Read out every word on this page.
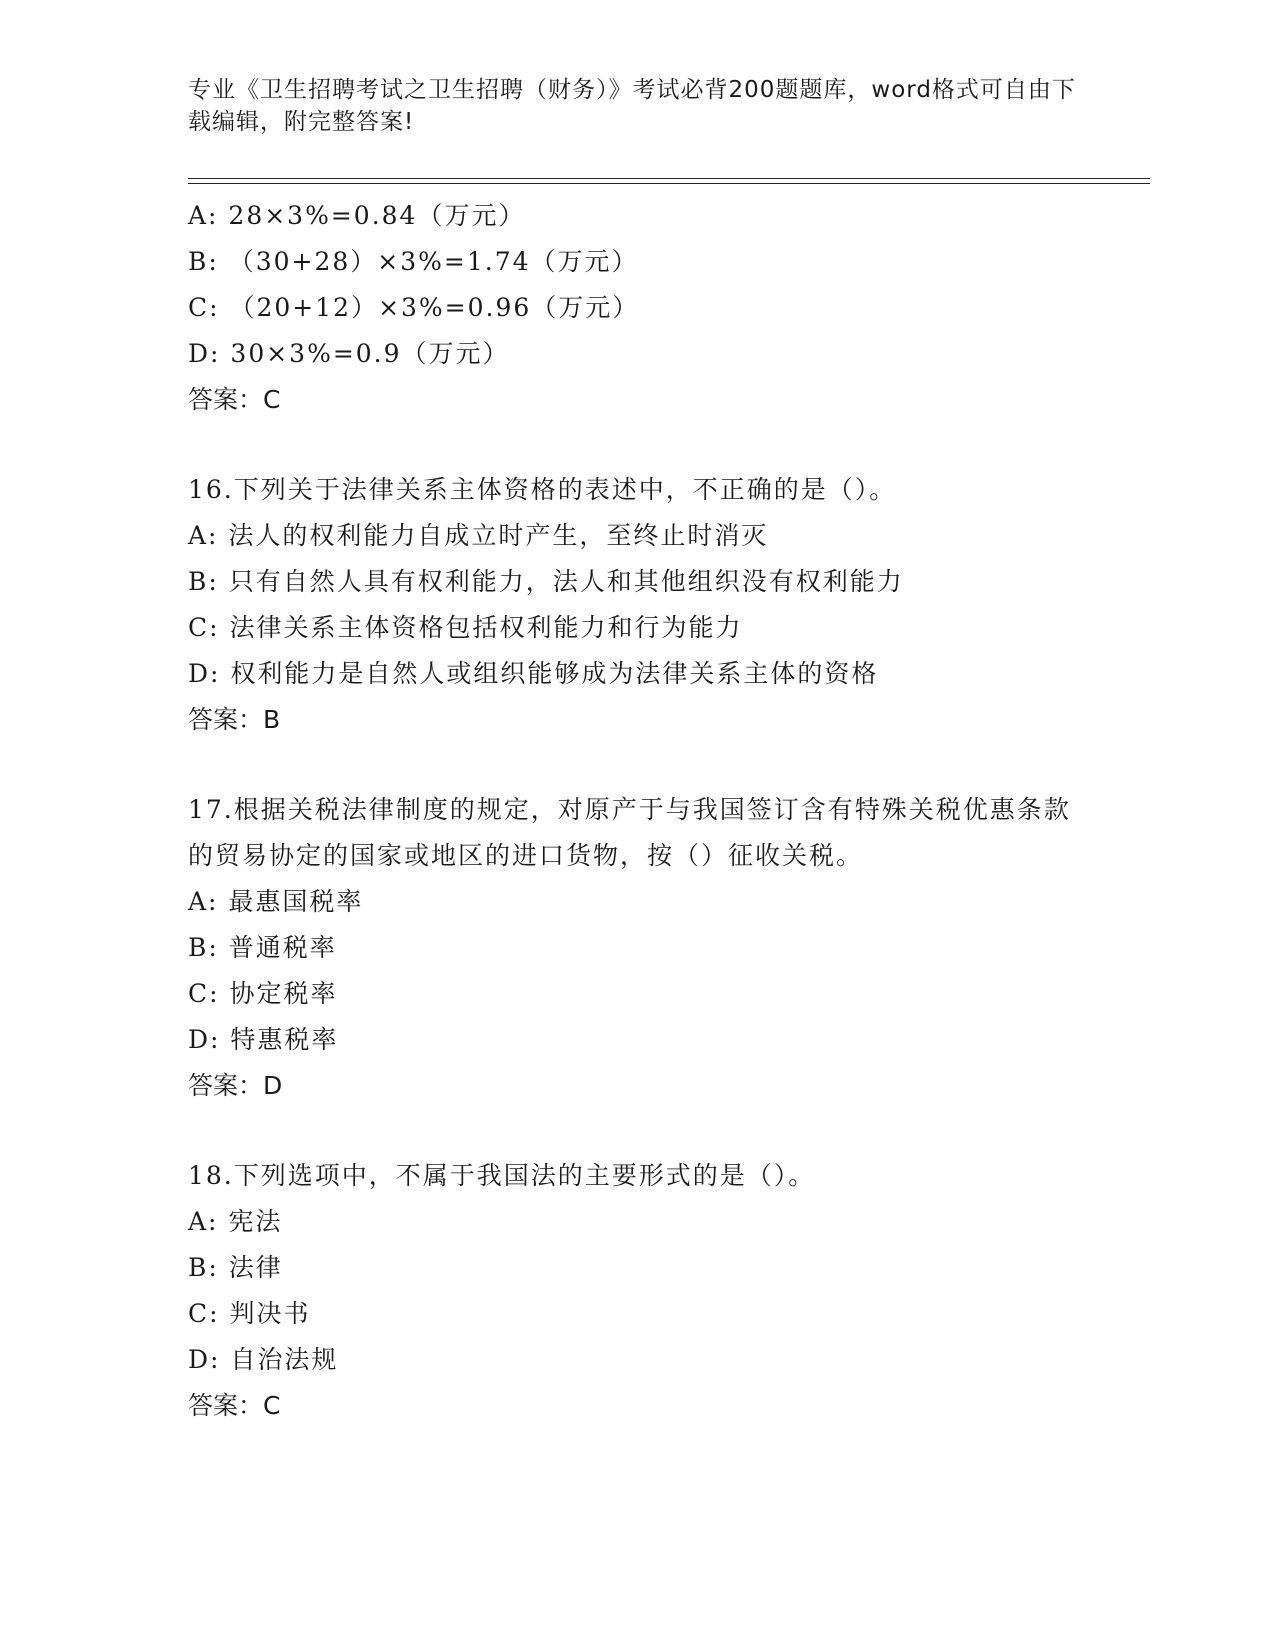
专业《卫生招聘考试之卫生招聘（财务）》考试必背200题题库，word格式可自由下载编辑，附完整答案!
A: 28×3%=0.84（万元）
B: （30+28）×3%=1.74（万元）
C: （20+12）×3%=0.96（万元）
D: 30×3%=0.9（万元）
答案：C
16.下列关于法律关系主体资格的表述中，不正确的是（）。
A: 法人的权利能力自成立时产生，至终止时消灭
B: 只有自然人具有权利能力，法人和其他组织没有权利能力
C: 法律关系主体资格包括权利能力和行为能力
D: 权利能力是自然人或组织能够成为法律关系主体的资格
答案：B
17.根据关税法律制度的规定，对原产于与我国签订含有特殊关税优惠条款的贸易协定的国家或地区的进口货物，按（）征收关税。
A: 最惠国税率
B: 普通税率
C: 协定税率
D: 特惠税率
答案：D
18.下列选项中，不属于我国法的主要形式的是（）。
A: 宪法
B: 法律
C: 判决书
D: 自治法规
答案：C
